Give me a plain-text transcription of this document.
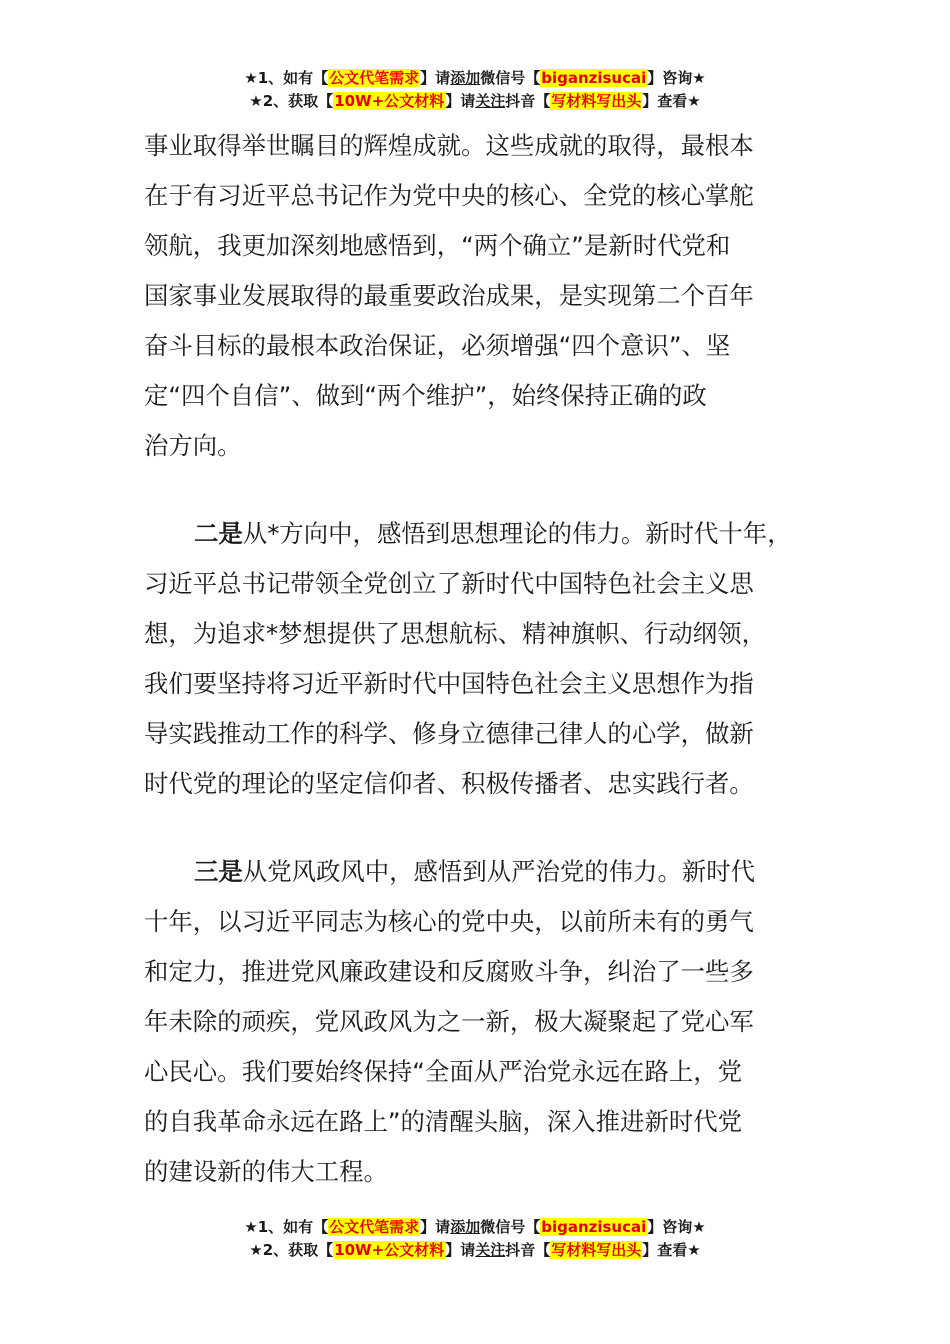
★1、如有【公文代笔需求】请添加微信号【biganzisucai】咨询★
★2、获取【10W+公文材料】请关注抖音【写材料写出头】查看★

事业取得举世瞩目的辉煌成就。这些成就的取得，最根本
在于有习近平总书记作为党中央的核心、全党的核心掌舵
领航，我更加深刻地感悟到，“两个确立”是新时代党和
国家事业发展取得的最重要政治成果，是实现第二个百年
奋斗目标的最根本政治保证，必须增强“四个意识”、坚
定“四个自信”、做到“两个维护”，始终保持正确的政
治方向。

二是从*方向中，感悟到思想理论的伟力。新时代十年，
习近平总书记带领全党创立了新时代中国特色社会主义思
想，为追求*梦想提供了思想航标、精神旗帜、行动纲领，
我们要坚持将习近平新时代中国特色社会主义思想作为指
导实践推动工作的科学、修身立德律己律人的心学，做新
时代党的理论的坚定信仰者、积极传播者、忠实践行者。

三是从党风政风中，感悟到从严治党的伟力。新时代
十年，以习近平同志为核心的党中央，以前所未有的勇气
和定力，推进党风廉政建设和反腐败斗争，纠治了一些多
年未除的顽疾，党风政风为之一新，极大凝聚起了党心军
心民心。我们要始终保持“全面从严治党永远在路上，党
的自我革命永远在路上”的清醒头脑，深入推进新时代党
的建设新的伟大工程。

★1、如有【公文代笔需求】请添加微信号【biganzisucai】咨询★
★2、获取【10W+公文材料】请关注抖音【写材料写出头】查看★
